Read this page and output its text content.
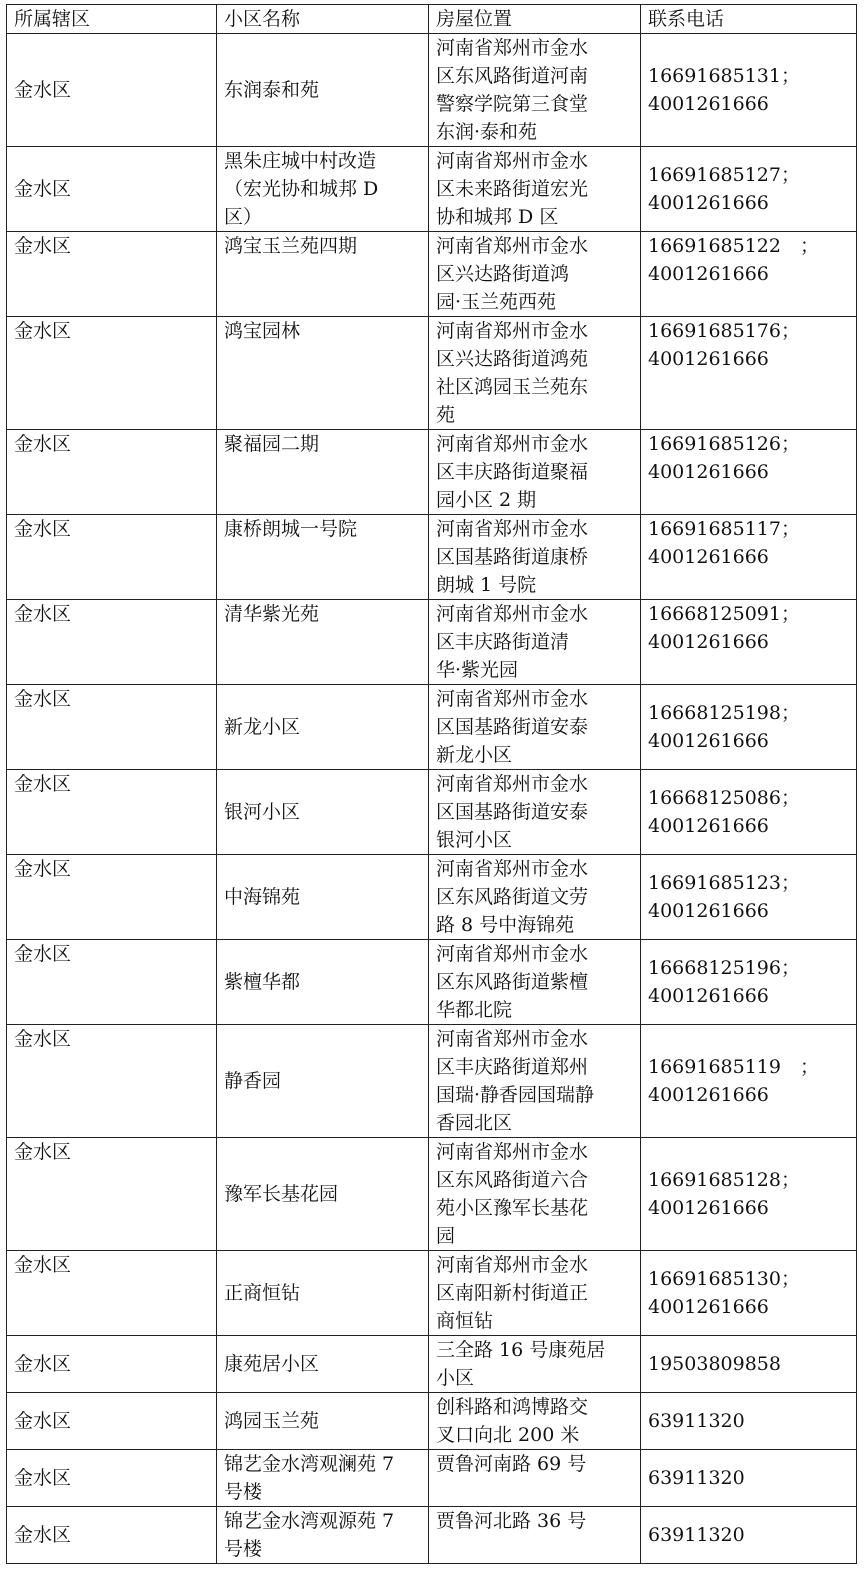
所属辖区	小区名称	房屋位置	联系电话
金水区	东润泰和苑	河南省郑州市金水
区东风路街道河南
警察学院第三食堂
东润·泰和苑	16691685131；
4001261666
金水区	黑朱庄城中村改造
（宏光协和城邦 D
区）	河南省郑州市金水
区未来路街道宏光
协和城邦 D 区	16691685127；
4001261666
金水区	鸿宝玉兰苑四期	河南省郑州市金水
区兴达路街道鸿
园·玉兰苑西苑	16691685122　；
4001261666
金水区	鸿宝园林	河南省郑州市金水
区兴达路街道鸿苑
社区鸿园玉兰苑东
苑	16691685176；
4001261666
金水区	聚福园二期	河南省郑州市金水
区丰庆路街道聚福
园小区 2 期	16691685126；
4001261666
金水区	康桥朗城一号院	河南省郑州市金水
区国基路街道康桥
朗城 1 号院	16691685117；
4001261666
金水区	清华紫光苑	河南省郑州市金水
区丰庆路街道清
华·紫光园	16668125091；
4001261666
金水区	新龙小区	河南省郑州市金水
区国基路街道安泰
新龙小区	16668125198；
4001261666
金水区	银河小区	河南省郑州市金水
区国基路街道安泰
银河小区	16668125086；
4001261666
金水区	中海锦苑	河南省郑州市金水
区东风路街道文劳
路 8 号中海锦苑	16691685123；
4001261666
金水区	紫檀华都	河南省郑州市金水
区东风路街道紫檀
华都北院	16668125196；
4001261666
金水区	静香园	河南省郑州市金水
区丰庆路街道郑州
国瑞·静香园国瑞静
香园北区	16691685119　；
4001261666
金水区	豫军长基花园	河南省郑州市金水
区东风路街道六合
苑小区豫军长基花
园	16691685128；
4001261666
金水区	正商恒钻	河南省郑州市金水
区南阳新村街道正
商恒钻	16691685130；
4001261666
金水区	康苑居小区	三全路 16 号康苑居
小区	19503809858
金水区	鸿园玉兰苑	创科路和鸿博路交
叉口向北 200 米	63911320
金水区	锦艺金水湾观澜苑 7
号楼	贾鲁河南路 69 号	63911320
金水区	锦艺金水湾观源苑 7
号楼	贾鲁河北路 36 号	63911320
